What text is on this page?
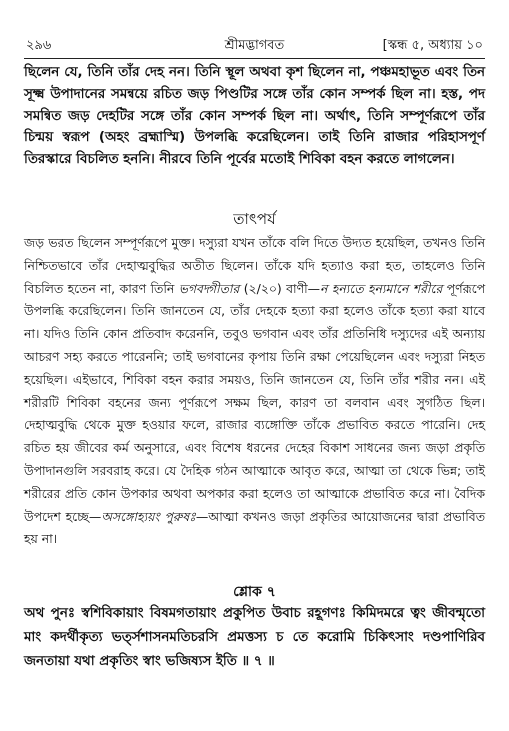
২৯৬	শ্রীমদ্ভাগবত	[স্কন্ধ ৫, অধ্যায় ১০

ছিলেন যে, তিনি তাঁর দেহ নন। তিনি স্থূল অথবা কৃশ ছিলেন না, পঞ্চমহাভূত এবং তিন সূক্ষ্ম উপাদানের সমন্বয়ে রচিত জড় পিণ্ডটির সঙ্গে তাঁর কোন সম্পর্ক ছিল না। হস্ত, পদ সমন্বিত জড় দেহটির সঙ্গে তাঁর কোন সম্পর্ক ছিল না। অর্থাৎ, তিনি সম্পূর্ণরূপে তাঁর চিন্ময় স্বরূপ (অহং ব্রহ্মাস্মি) উপলব্ধি করেছিলেন। তাই তিনি রাজার পরিহাসপূর্ণ তিরস্কারে বিচলিত হননি। নীরবে তিনি পূর্বের মতোই শিবিকা বহন করতে লাগলেন।

তাৎপর্য

জড় ভরত ছিলেন সম্পূর্ণরূপে মুক্ত। দস্যুরা যখন তাঁকে বলি দিতে উদ্যত হয়েছিল, তখনও তিনি নিশ্চিতভাবে তাঁর দেহাত্মবুদ্ধির অতীত ছিলেন। তাঁকে যদি হত্যাও করা হত, তাহলেও তিনি বিচলিত হতেন না, কারণ তিনি ভগবদ্গীতার (২/২০) বাণী—ন হন্যতে হন্যমানে শরীরে পূর্ণরূপে উপলব্ধি করেছিলেন। তিনি জানতেন যে, তাঁর দেহকে হত্যা করা হলেও তাঁকে হত্যা করা যাবে না। যদিও তিনি কোন প্রতিবাদ করেননি, তবুও ভগবান এবং তাঁর প্রতিনিধি দস্যুদের এই অন্যায় আচরণ সহ্য করতে পারেননি; তাই ভগবানের কৃপায় তিনি রক্ষা পেয়েছিলেন এবং দস্যুরা নিহত হয়েছিল। এইভাবে, শিবিকা বহন করার সময়ও, তিনি জানতেন যে, তিনি তাঁর শরীর নন। এই শরীরটি শিবিকা বহনের জন্য পূর্ণরূপে সক্ষম ছিল, কারণ তা বলবান এবং সুগঠিত ছিল। দেহাত্মবুদ্ধি থেকে মুক্ত হওয়ার ফলে, রাজার ব্যঙ্গোক্তি তাঁকে প্রভাবিত করতে পারেনি। দেহ রচিত হয় জীবের কর্ম অনুসারে, এবং বিশেষ ধরনের দেহের বিকাশ সাধনের জন্য জড়া প্রকৃতি উপাদানগুলি সরবরাহ করে। যে দৈহিক গঠন আত্মাকে আবৃত করে, আত্মা তা থেকে ভিন্ন; তাই শরীরের প্রতি কোন উপকার অথবা অপকার করা হলেও তা আত্মাকে প্রভাবিত করে না। বৈদিক উপদেশ হচ্ছে—অসঙ্গোহ্যয়ং পুরুষঃ—আত্মা কখনও জড়া প্রকৃতির আয়োজনের দ্বারা প্রভাবিত হয় না।

শ্লোক ৭

অথ পুনঃ স্বশিবিকায়াং বিষমগতায়াং প্রকুপিত উবাচ রহূগণঃ কিমিদমরে ত্বং জীবন্মৃতো মাং কদর্থীকৃত্য ভর্ত্সশাসনমতিচরসি প্রমত্তস্য চ তে করোমি চিকিৎসাং দণ্ডপাণিরিব জনতায়া যথা প্রকৃতিং স্বাং ভজিষ্যস ইতি ॥ ৭ ॥
